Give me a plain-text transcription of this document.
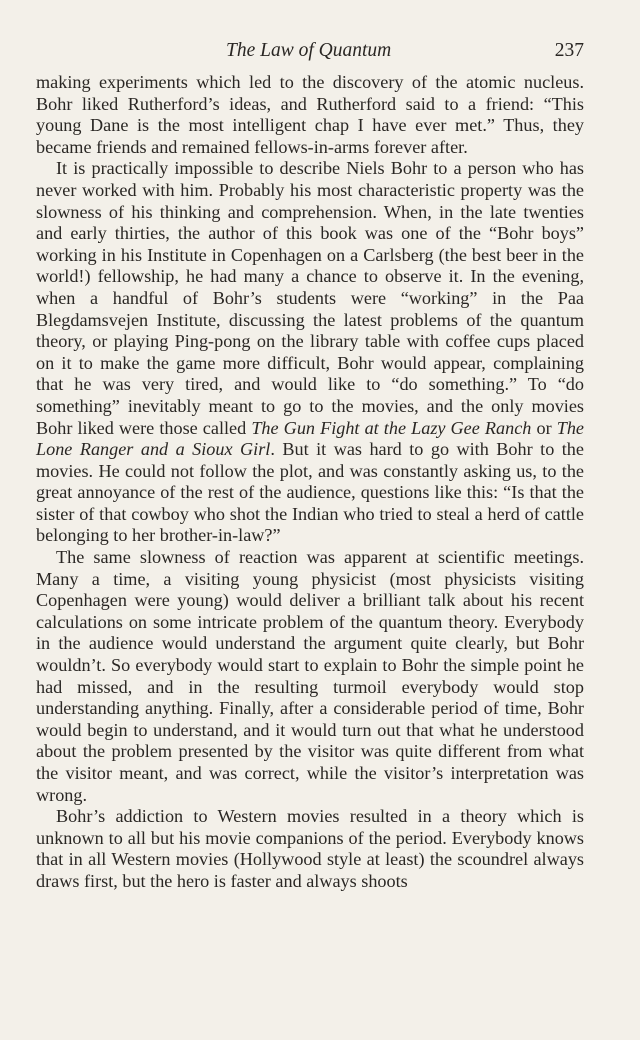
The Law of Quantum	237

making experiments which led to the discovery of the atomic nucleus. Bohr liked Rutherford’s ideas, and Rutherford said to a friend: “This young Dane is the most intelligent chap I have ever met.” Thus, they became friends and remained fellows-in-arms forever after.

It is practically impossible to describe Niels Bohr to a person who has never worked with him. Probably his most characteristic property was the slowness of his thinking and comprehension. When, in the late twenties and early thirties, the author of this book was one of the “Bohr boys” working in his Institute in Copenhagen on a Carlsberg (the best beer in the world!) fellowship, he had many a chance to observe it. In the evening, when a handful of Bohr’s students were “working” in the Paa Blegdamsvejen Institute, discussing the latest problems of the quantum theory, or playing Ping-pong on the library table with coffee cups placed on it to make the game more difficult, Bohr would appear, complaining that he was very tired, and would like to “do something.” To “do something” inevitably meant to go to the movies, and the only movies Bohr liked were those called The Gun Fight at the Lazy Gee Ranch or The Lone Ranger and a Sioux Girl. But it was hard to go with Bohr to the movies. He could not follow the plot, and was constantly asking us, to the great annoyance of the rest of the audience, questions like this: “Is that the sister of that cowboy who shot the Indian who tried to steal a herd of cattle belonging to her brother-in-law?”

The same slowness of reaction was apparent at scientific meetings. Many a time, a visiting young physicist (most physicists visiting Copenhagen were young) would deliver a brilliant talk about his recent calculations on some intricate problem of the quantum theory. Everybody in the audience would understand the argument quite clearly, but Bohr wouldn’t. So everybody would start to explain to Bohr the simple point he had missed, and in the resulting turmoil everybody would stop understanding anything. Finally, after a considerable period of time, Bohr would begin to understand, and it would turn out that what he understood about the problem presented by the visitor was quite different from what the visitor meant, and was correct, while the visitor’s interpretation was wrong.

Bohr’s addiction to Western movies resulted in a theory which is unknown to all but his movie companions of the period. Everybody knows that in all Western movies (Hollywood style at least) the scoundrel always draws first, but the hero is faster and always shoots
